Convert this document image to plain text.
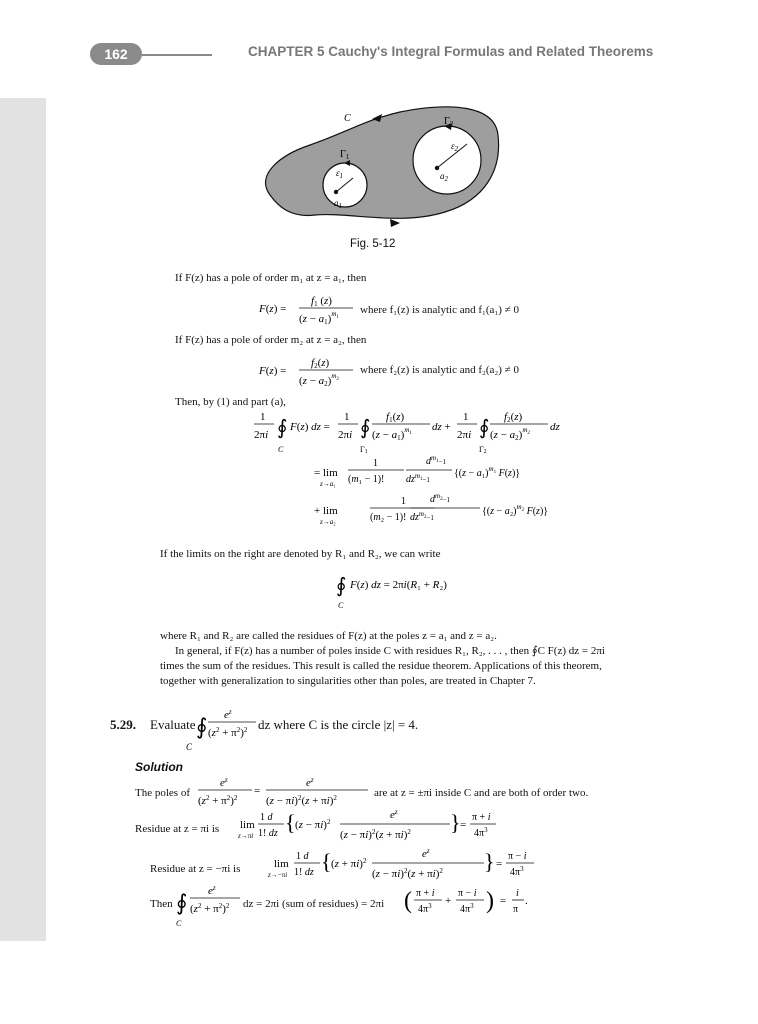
162	CHAPTER 5 Cauchy's Integral Formulas and Related Theorems
C
$\Gamma_1$
$\Gamma_2$
$\varepsilon_1$
$\varepsilon_2$
$a_1$
$a_2$
Fig. 5-12
If F(z) has a pole of order m₁ at z = a₁, then
F(z) =
f1 (z)
$(z - a1)^m1$
where f₁(z) is analytic and f₁(a₁) ≠ 0
If F(z) has a pole of order m₂ at z = a₂, then
F(z) =
f2(z)
$(z - a2)^m2$
where f₂(z) is analytic and f₂(a₂) ≠ 0
Then, by (1) and part (a),
1
2πi ∮
C
F(z) dz =
1
2πi ∮
Γ1
f1(z)
$(z - a1)^m1$
dz +
1
2πi ∮
Γ2
f2(z)
$(z - a2)^m2$
dz
= lim
z→a₁
1
(m₁ − 1)!
$d^m_{1-1}$
$dz^m_{1-1}$
{$(z - a_1)^m_1$ F(z)}
+ lim
z→a₂
1
(m₂ − 1)!
$d^m_{2-1}$
$dz^m_{2-1}$
{$(z - a_2)^m_2$ F(z)}
If the limits on the right are denoted by R₁ and R₂, we can write
∮
C
F(z) dz = 2πi(R₁ + R₂)
where R₁ and R₂ are called the residues of F(z) at the poles z = a₁ and z = a₂.
In general, if F(z) has a number of poles inside C with residues R₁, R₂, . . . , then ∮C F(z) dz = 2πi
times the sum of the residues. This result is called the residue theorem. Applications of this theorem,
together with generalization to singularities other than poles, are treated in Chapter 7.
5.29. Evaluate ∮
C
$e^z$
$(z^2 + \pi^2)^2$ dz where C is the circle |z| = 4.
Solution
The poles of
$e^z$
$(z^2 + \pi^2)^2$
=
$e^z$
$(z - \pi i)^2(z + \pi i)^2$	are at z = ±πi inside C and are both of order two.
Residue at z = πi is lim
z→πi
1 d
1! dz { $(z - \pi i)^2$
$e^z$
$(z - \pi i)^2(z + \pi i)^2$ } =
π + i
$4\pi^3$
Residue at z = −πi is	lim
z→−πi
1 d
1! dz { $(z + \pi i)^2$
$e^z$
$(z - \pi i)^2(z + \pi i)^2$ } =
π − i
$4\pi^3$
Then ∮
C
$e^z$
$(z^2 + \pi^2)^2$ dz = 2πi (sum of residues) = 2πi ( π + i
$4\pi^3$ +
π − i
$4\pi^3$ ) =
i
π
.
